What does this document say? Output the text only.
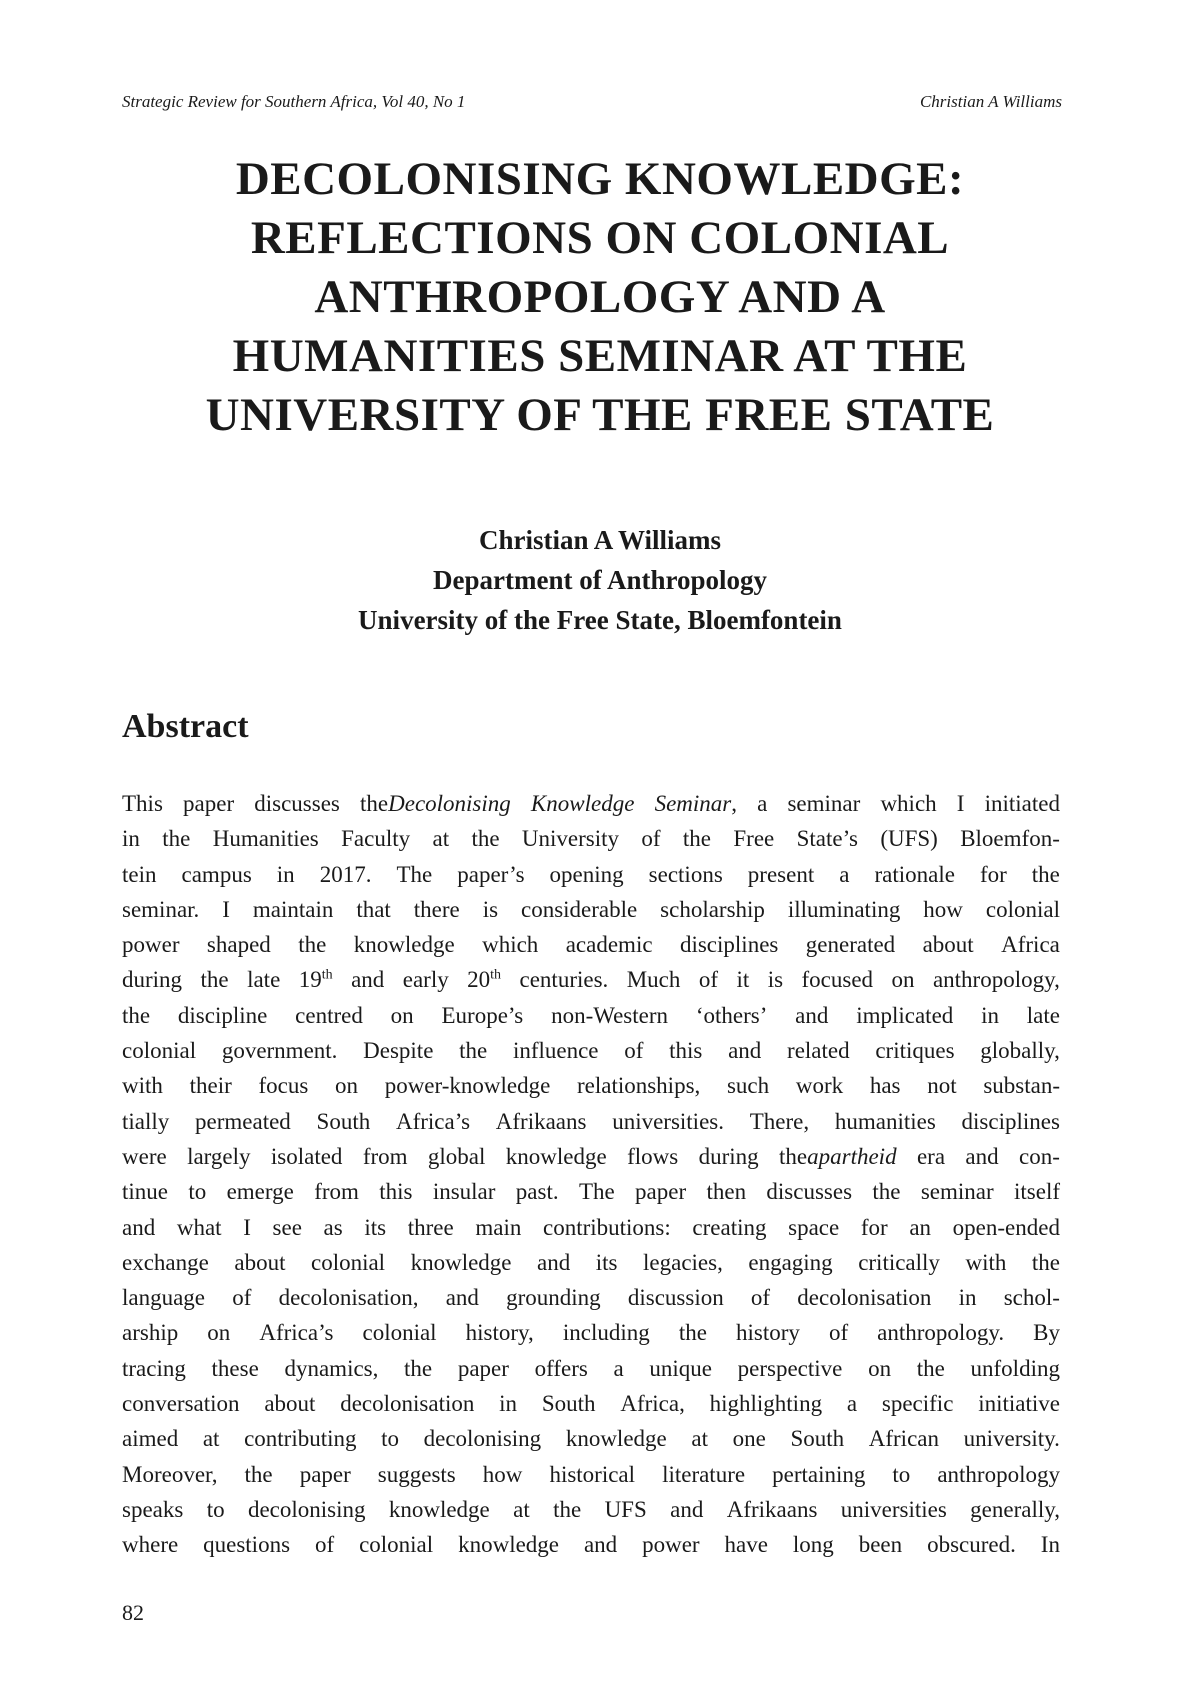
Strategic Review for Southern Africa, Vol 40, No 1	Christian A Williams
DECOLONISING KNOWLEDGE:
REFLECTIONS ON COLONIAL
ANTHROPOLOGY AND A
HUMANITIES SEMINAR AT THE
UNIVERSITY OF THE FREE STATE
Christian A Williams
Department of Anthropology
University of the Free State, Bloemfontein
Abstract
This paper discusses theDecolonising Knowledge Seminar, a seminar which I initiated
in the Humanities Faculty at the University of the Free State’s (UFS) Bloemfon-
tein campus in 2017. The paper’s opening sections present a rationale for the
seminar. I maintain that there is considerable scholarship illuminating how colonial
power shaped the knowledge which academic disciplines generated about Africa
during the late 19th and early 20th centuries. Much of it is focused on anthropology,
the discipline centred on Europe’s non-Western ‘others’ and implicated in late
colonial government. Despite the influence of this and related critiques globally,
with their focus on power-knowledge relationships, such work has not substan-
tially permeated South Africa’s Afrikaans universities. There, humanities disciplines
were largely isolated from global knowledge flows during theapartheid era and con-
tinue to emerge from this insular past. The paper then discusses the seminar itself
and what I see as its three main contributions: creating space for an open-ended
exchange about colonial knowledge and its legacies, engaging critically with the
language of decolonisation, and grounding discussion of decolonisation in schol-
arship on Africa’s colonial history, including the history of anthropology. By
tracing these dynamics, the paper offers a unique perspective on the unfolding
conversation about decolonisation in South Africa, highlighting a specific initiative
aimed at contributing to decolonising knowledge at one South African university.
Moreover, the paper suggests how historical literature pertaining to anthropology
speaks to decolonising knowledge at the UFS and Afrikaans universities generally,
where questions of colonial knowledge and power have long been obscured. In
82
